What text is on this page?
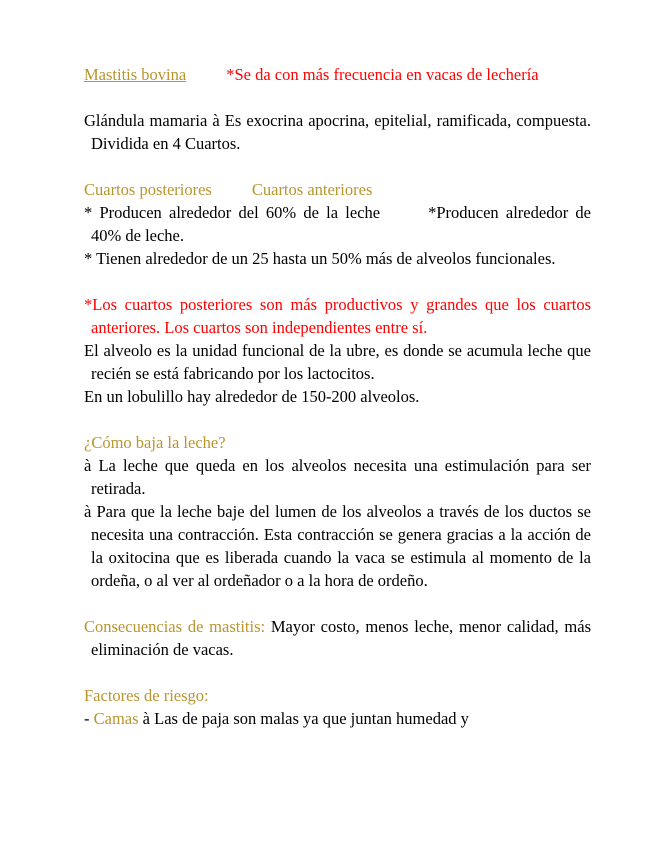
Mastitis bovina *Se da con más frecuencia en vacas de lechería

Glándula mamaria à Es exocrina apocrina, epitelial, ramificada, compuesta. Dividida en 4 Cuartos.

Cuartos posteriores Cuartos anteriores

* Producen alrededor del 60% de la leche	*Producen alrededor de 40% de leche.

* Tienen alrededor de un 25 hasta un 50% más de alveolos funcionales.

*Los cuartos posteriores son más productivos y grandes que los cuartos anteriores. Los cuartos son independientes entre sí.

El alveolo es la unidad funcional de la ubre, es donde se acumula leche que recién se está fabricando por los lactocitos.

En un lobulillo hay alrededor de 150-200 alveolos.

¿Cómo baja la leche?

à La leche que queda en los alveolos necesita una estimulación para ser retirada.

à Para que la leche baje del lumen de los alveolos a través de los ductos se necesita una contracción. Esta contracción se genera gracias a la acción de la oxitocina que es liberada cuando la vaca se estimula al momento de la ordeña, o al ver al ordeñador o a la hora de ordeño.

Consecuencias de mastitis: Mayor costo, menos leche, menor calidad, más eliminación de vacas.

Factores de riesgo:

- Camas à Las de paja son malas ya que juntan humedad y
